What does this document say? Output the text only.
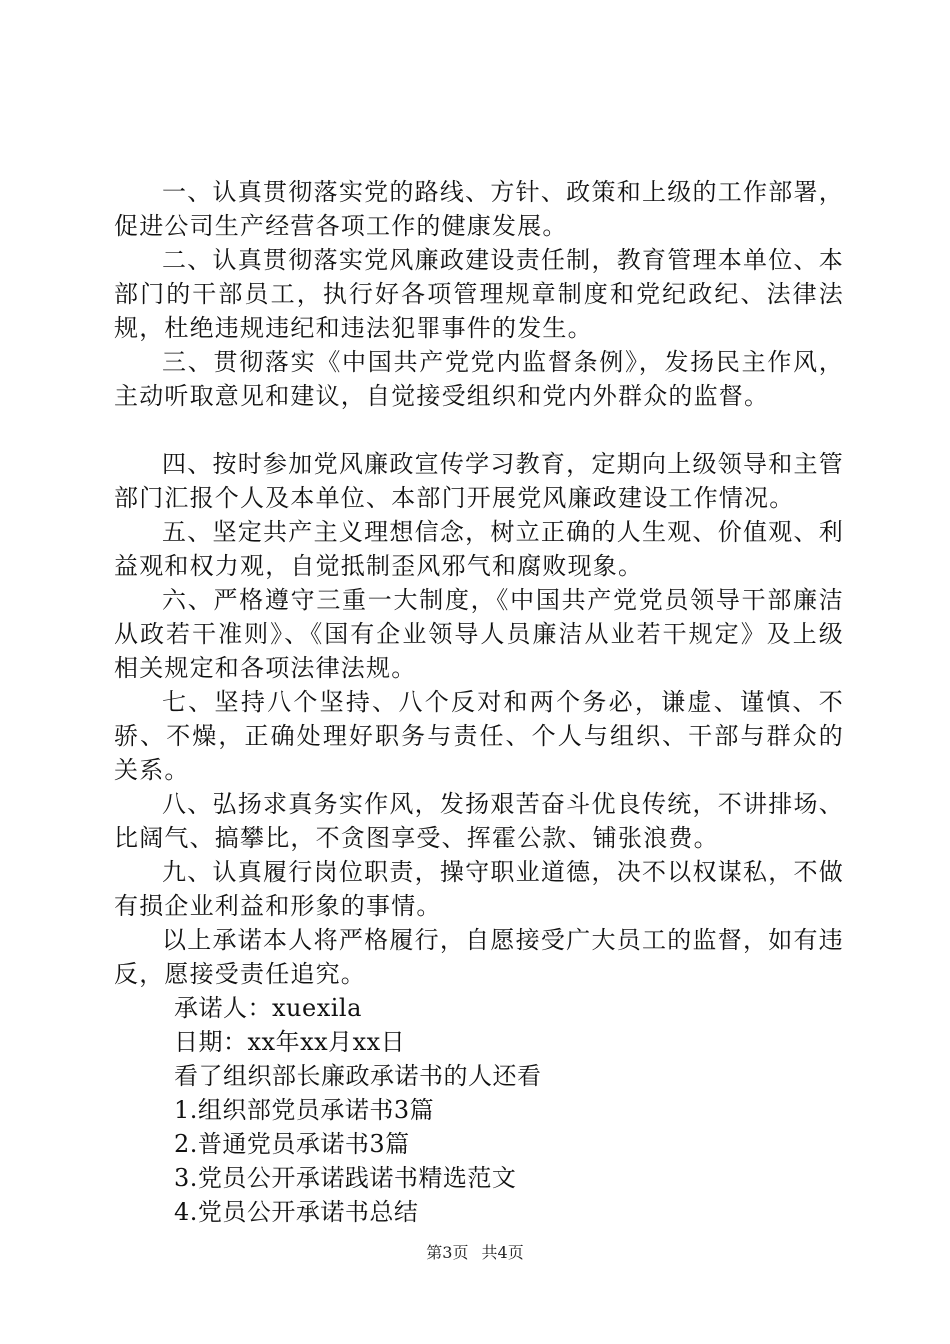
一、认真贯彻落实党的路线、方针、政策和上级的工作部署，促进公司生产经营各项工作的健康发展。

二、认真贯彻落实党风廉政建设责任制，教育管理本单位、本部门的干部员工，执行好各项管理规章制度和党纪政纪、法律法规，杜绝违规违纪和违法犯罪事件的发生。

三、贯彻落实《中国共产党党内监督条例》，发扬民主作风，主动听取意见和建议，自觉接受组织和党内外群众的监督。

四、按时参加党风廉政宣传学习教育，定期向上级领导和主管部门汇报个人及本单位、本部门开展党风廉政建设工作情况。

五、坚定共产主义理想信念，树立正确的人生观、价值观、利益观和权力观，自觉抵制歪风邪气和腐败现象。

六、严格遵守三重一大制度，《中国共产党党员领导干部廉洁从政若干准则》、《国有企业领导人员廉洁从业若干规定》及上级相关规定和各项法律法规。

七、坚持八个坚持、八个反对和两个务必，谦虚、谨慎、不骄、不燥，正确处理好职务与责任、个人与组织、干部与群众的关系。

八、弘扬求真务实作风，发扬艰苦奋斗优良传统，不讲排场、比阔气、搞攀比，不贪图享受、挥霍公款、铺张浪费。

九、认真履行岗位职责，操守职业道德，决不以权谋私，不做有损企业利益和形象的事情。

以上承诺本人将严格履行，自愿接受广大员工的监督，如有违反，愿接受责任追究。

承诺人：xuexila

日期：xx年xx月xx日

看了组织部长廉政承诺书的人还看

1.组织部党员承诺书3篇

2.普通党员承诺书3篇

3.党员公开承诺践诺书精选范文

4.党员公开承诺书总结

第3页 共4页
